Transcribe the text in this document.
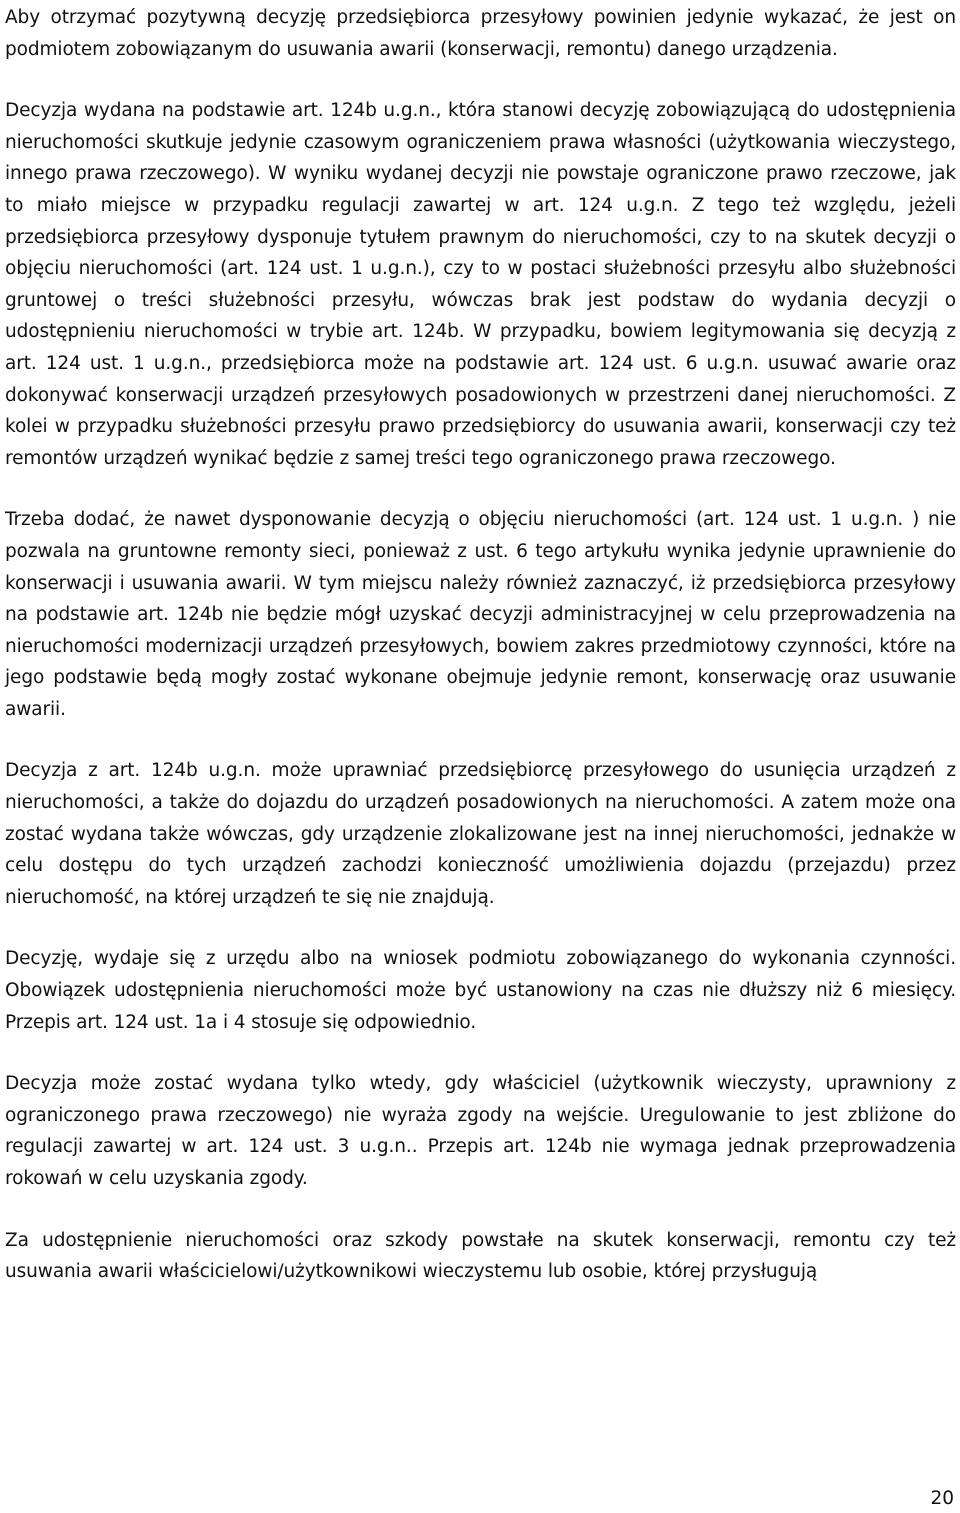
Aby otrzymać pozytywną decyzję przedsiębiorca przesyłowy powinien jedynie wykazać, że jest on podmiotem zobowiązanym do usuwania awarii (konserwacji, remontu) danego urządzenia.

Decyzja wydana na podstawie art. 124b u.g.n., która stanowi decyzję zobowiązującą do udostępnienia nieruchomości skutkuje jedynie czasowym ograniczeniem prawa własności (użytkowania wieczystego, innego prawa rzeczowego). W wyniku wydanej decyzji nie powstaje ograniczone prawo rzeczowe, jak to miało miejsce w przypadku regulacji zawartej w art. 124 u.g.n. Z tego też względu, jeżeli przedsiębiorca przesyłowy dysponuje tytułem prawnym do nieruchomości, czy to na skutek decyzji o objęciu nieruchomości (art. 124 ust. 1 u.g.n.), czy to w postaci służebności przesyłu albo służebności gruntowej o treści służebności przesyłu, wówczas brak jest podstaw do wydania decyzji o udostępnieniu nieruchomości w trybie art. 124b. W przypadku, bowiem legitymowania się decyzją z art. 124 ust. 1 u.g.n., przedsiębiorca może na podstawie art. 124 ust. 6 u.g.n. usuwać awarie oraz dokonywać konserwacji urządzeń przesyłowych posadowionych w przestrzeni danej nieruchomości. Z kolei w przypadku służebności przesyłu prawo przedsiębiorcy do usuwania awarii, konserwacji czy też remontów urządzeń wynikać będzie z samej treści tego ograniczonego prawa rzeczowego.

Trzeba dodać, że nawet dysponowanie decyzją o objęciu nieruchomości (art. 124 ust. 1 u.g.n. ) nie pozwala na gruntowne remonty sieci, ponieważ z ust. 6 tego artykułu wynika jedynie uprawnienie do konserwacji i usuwania awarii. W tym miejscu należy również zaznaczyć, iż przedsiębiorca przesyłowy na podstawie art. 124b nie będzie mógł uzyskać decyzji administracyjnej w celu przeprowadzenia na nieruchomości modernizacji urządzeń przesyłowych, bowiem zakres przedmiotowy czynności, które na jego podstawie będą mogły zostać wykonane obejmuje jedynie remont, konserwację oraz usuwanie awarii.

Decyzja z art. 124b u.g.n. może uprawniać przedsiębiorcę przesyłowego do usunięcia urządzeń z nieruchomości, a także do dojazdu do urządzeń posadowionych na nieruchomości. A zatem może ona zostać wydana także wówczas, gdy urządzenie zlokalizowane jest na innej nieruchomości, jednakże w celu dostępu do tych urządzeń zachodzi konieczność umożliwienia dojazdu (przejazdu) przez nieruchomość, na której urządzeń te się nie znajdują.

Decyzję, wydaje się z urzędu albo na wniosek podmiotu zobowiązanego do wykonania czynności. Obowiązek udostępnienia nieruchomości może być ustanowiony na czas nie dłuższy niż 6 miesięcy. Przepis art. 124 ust. 1a i 4 stosuje się odpowiednio.

Decyzja może zostać wydana tylko wtedy, gdy właściciel (użytkownik wieczysty, uprawniony z ograniczonego prawa rzeczowego) nie wyraża zgody na wejście. Uregulowanie to jest zbliżone do regulacji zawartej w art. 124 ust. 3 u.g.n.. Przepis art. 124b nie wymaga jednak przeprowadzenia rokowań w celu uzyskania zgody.

Za udostępnienie nieruchomości oraz szkody powstałe na skutek konserwacji, remontu czy też usuwania awarii właścicielowi/użytkownikowi wieczystemu lub osobie, której przysługują

20
